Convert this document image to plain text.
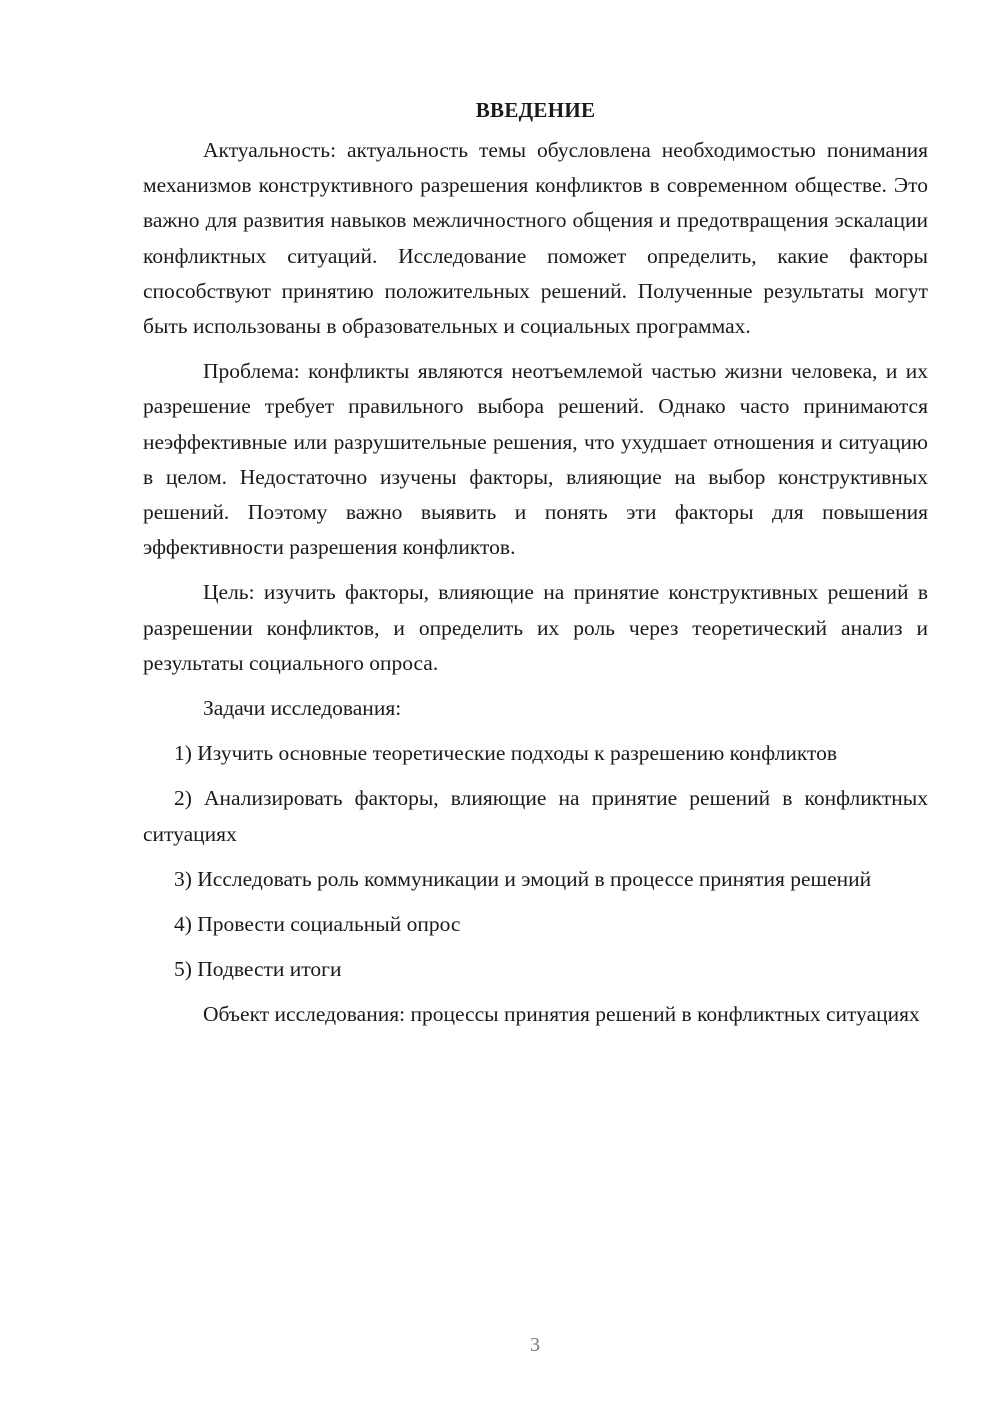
ВВЕДЕНИЕ

Актуальность: актуальность темы обусловлена необходимостью понимания механизмов конструктивного разрешения конфликтов в современном обществе. Это важно для развития навыков межличностного общения и предотвращения эскалации конфликтных ситуаций. Исследование поможет определить, какие факторы способствуют принятию положительных решений. Полученные результаты могут быть использованы в образовательных и социальных программах.

Проблема: конфликты являются неотъемлемой частью жизни человека, и их разрешение требует правильного выбора решений. Однако часто принимаются неэффективные или разрушительные решения, что ухудшает отношения и ситуацию в целом. Недостаточно изучены факторы, влияющие на выбор конструктивных решений. Поэтому важно выявить и понять эти факторы для повышения эффективности разрешения конфликтов.

Цель: изучить факторы, влияющие на принятие конструктивных решений в разрешении конфликтов, и определить их роль через теоретический анализ и результаты социального опроса.

Задачи исследования:

1) Изучить основные теоретические подходы к разрешению конфликтов

2) Анализировать факторы, влияющие на принятие решений в конфликтных ситуациях

3) Исследовать роль коммуникации и эмоций в процессе принятия решений

4) Провести социальный опрос

5) Подвести итоги

Объект исследования: процессы принятия решений в конфликтных ситуациях

3
